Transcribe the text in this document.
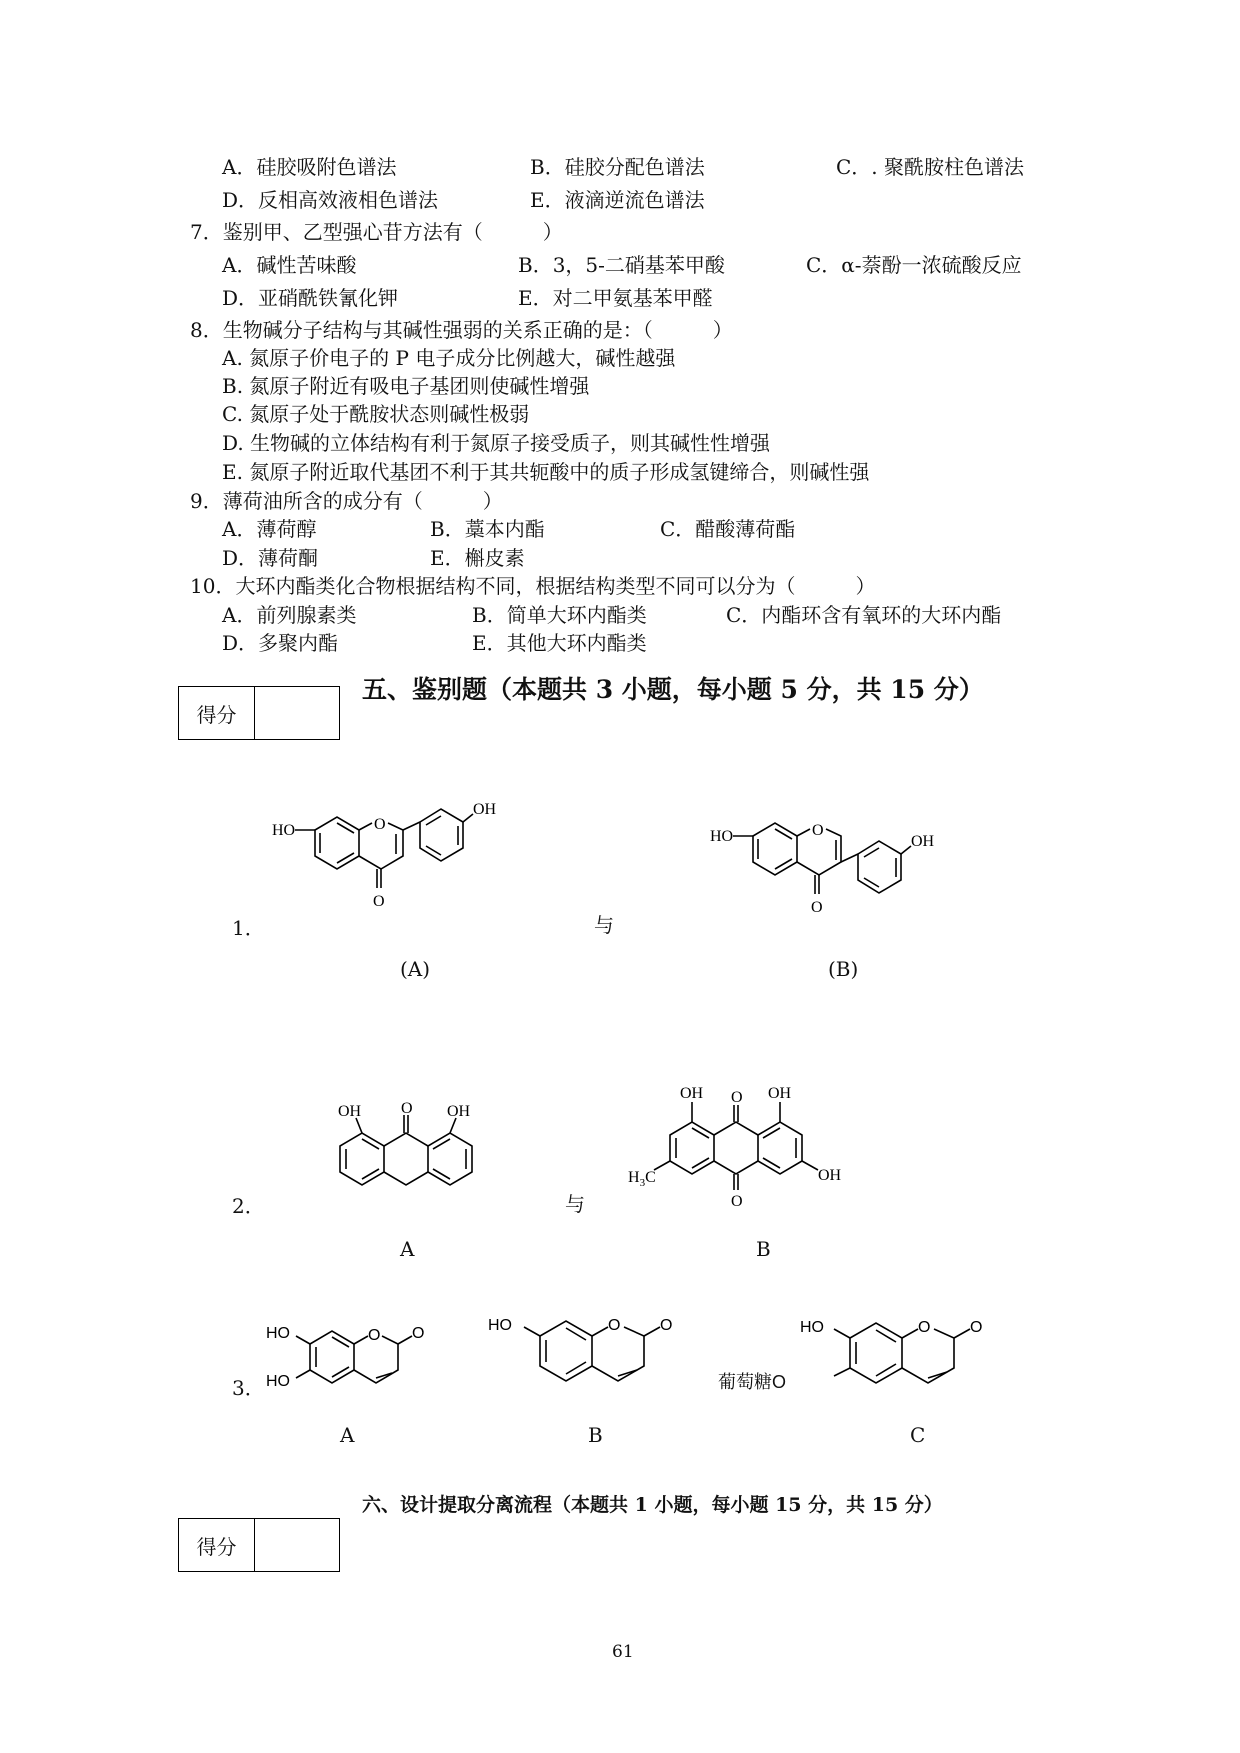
A．硅胶吸附色谱法	B．硅胶分配色谱法	C．. 聚酰胺柱色谱法
D．反相高效液相色谱法	E．液滴逆流色谱法
7．鉴别甲、乙型强心苷方法有（　　　）
A．碱性苦味酸	B．3，5-二硝基苯甲酸	C．α-萘酚一浓硫酸反应
D．亚硝酰铁氰化钾	E．对二甲氨基苯甲醛
8．生物碱分子结构与其碱性强弱的关系正确的是：（　　　）
A. 氮原子价电子的 P 电子成分比例越大，碱性越强
B. 氮原子附近有吸电子基团则使碱性增强
C. 氮原子处于酰胺状态则碱性极弱
D. 生物碱的立体结构有利于氮原子接受质子，则其碱性性增强
E. 氮原子附近取代基团不利于其共轭酸中的质子形成氢键缔合，则碱性强
9．薄荷油所含的成分有（　　　）
A．薄荷醇	B．藁本内酯	C．醋酸薄荷酯
D．薄荷酮	E．槲皮素
10．大环内酯类化合物根据结构不同，根据结构类型不同可以分为（　　　）
A．前列腺素类	B．简单大环内酯类	C．内酯环含有氧环的大环内酯
D．多聚内酯	E．其他大环内酯类
得分
五、鉴别题（本题共 3 小题，每小题 5 分，共 15 分）
1．	与
(A)	(B)
O
O
HO
OH
O
O
HO	OH
2．	与
A	B
O
OH	OH
O
O
OH	OH
OH
$H_3C$
3．
A	B	C
O O
HO
HO
O O
HO
葡萄糖O
O O
HO
六、设计提取分离流程（本题共 1 小题，每小题 15 分，共 15 分）
得分
61
